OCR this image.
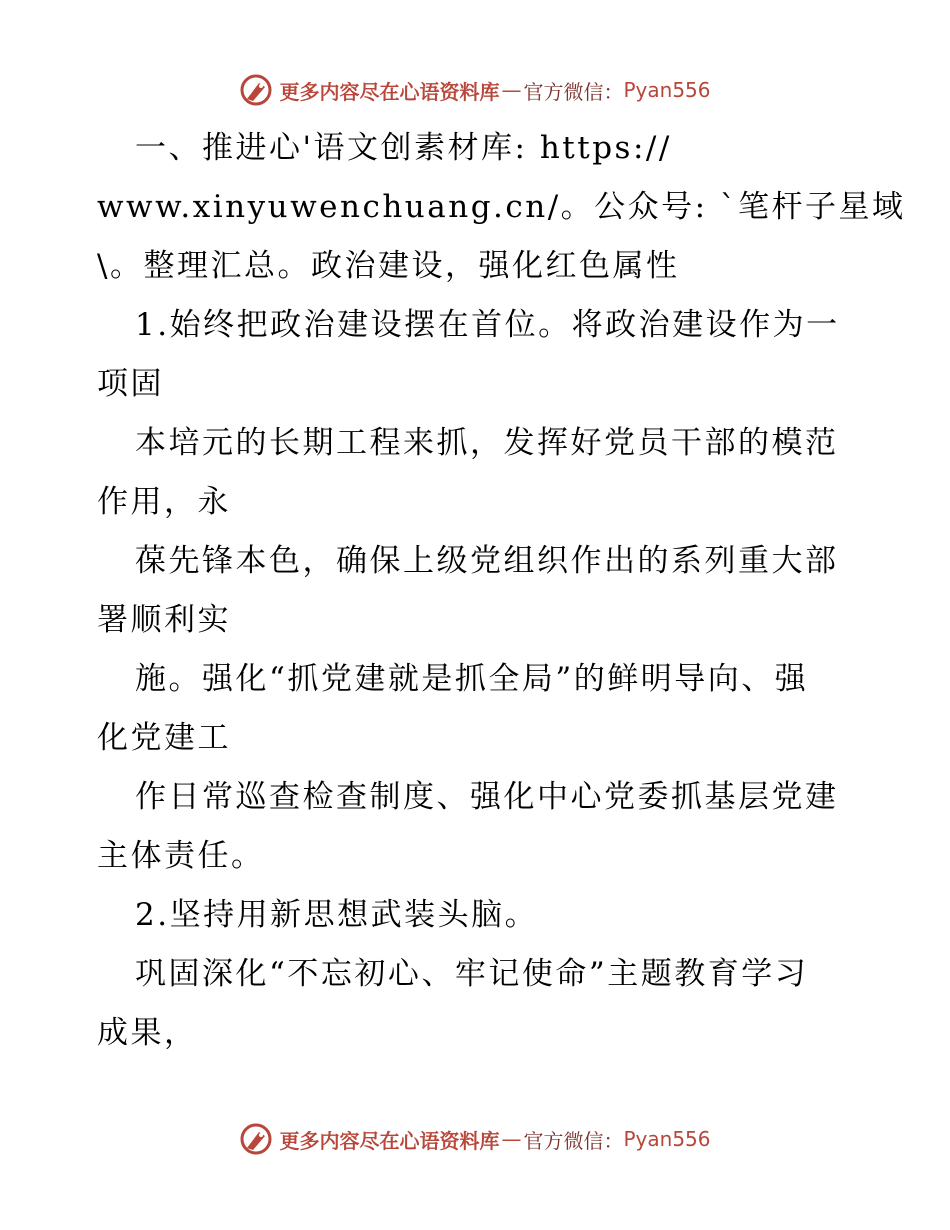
更多内容尽在心语资料库 — 官方微信： Pyan556
一、推进心'语文创素材库: https://
www.xinyuwenchuang.cn/。公众号: `笔杆子星域
\。整理汇总。政治建设，强化红色属性
1.始终把政治建设摆在首位。将政治建设作为一
项固
本培元的长期工程来抓，发挥好党员干部的模范
作用，永
葆先锋本色，确保上级党组织作出的系列重大部
署顺利实
施。强化“抓党建就是抓全局”的鲜明导向、强
化党建工
作日常巡查检查制度、强化中心党委抓基层党建
主体责任。
2.坚持用新思想武装头脑。
巩固深化“不忘初心、牢记使命”主题教育学习
成果，
更多内容尽在心语资料库 — 官方微信： Pyan556
